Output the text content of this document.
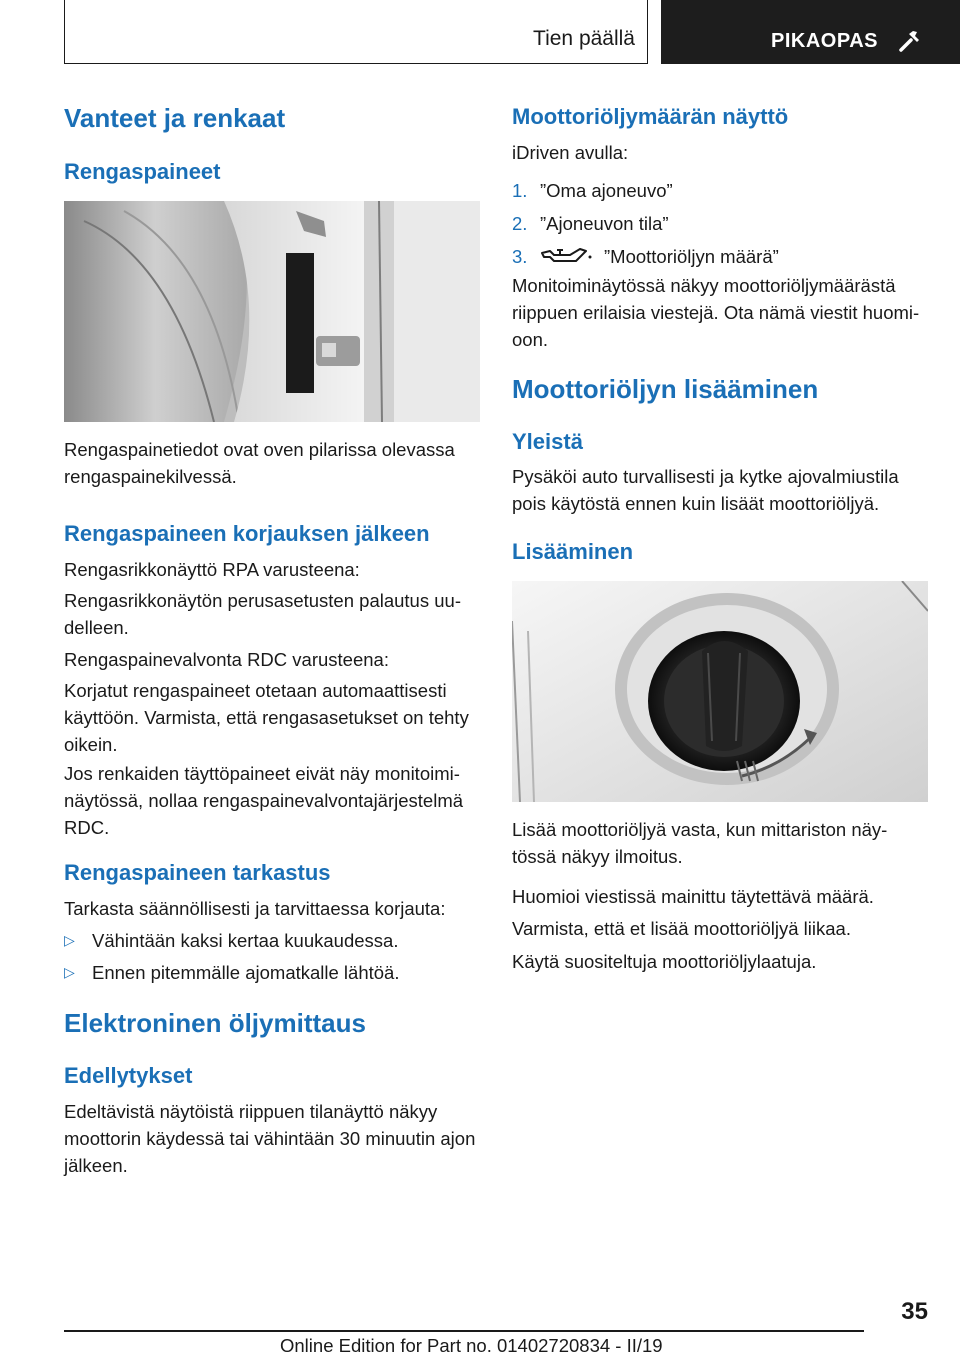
Tien päällä	PIKAOPAS
Vanteet ja renkaat
Rengaspaineet
Rengaspainetiedot ovat oven pilarissa olevassa rengaspainekilvessä.
Rengaspaineen korjauksen jälkeen
Rengasrikkonäyttö RPA varusteena:
Rengasrikkonäytön perusasetusten palautus uu-delleen.
Rengaspainevalvonta RDC varusteena:
Korjatut rengaspaineet otetaan automaattisesti käyttöön. Varmista, että rengasasetukset on tehty oikein.
Jos renkaiden täyttöpaineet eivät näy monitoimi-näytössä, nollaa rengaspainevalvontajärjestelmä RDC.
Rengaspaineen tarkastus
Tarkasta säännöllisesti ja tarvittaessa korjauta:
▷ Vähintään kaksi kertaa kuukaudessa.
▷ Ennen pitemmälle ajomatkalle lähtöä.
Elektroninen öljymittaus
Edellytykset
Edeltävistä näytöistä riippuen tilanäyttö näkyy moottorin käydessä tai vähintään 30 minuutin ajon jälkeen.
Moottoriöljymäärän näyttö
iDriven avulla:
1. ”Oma ajoneuvo”
2. ”Ajoneuvon tila”
3.	”Moottoriöljyn määrä”
Monitoiminäytössä näkyy moottoriöljymäärästä riippuen erilaisia viestejä. Ota nämä viestit huomi-oon.
Moottoriöljyn lisääminen
Yleistä
Pysäköi auto turvallisesti ja kytke ajovalmiustila pois käytöstä ennen kuin lisäät moottoriöljyä.
Lisääminen
Lisää moottoriöljyä vasta, kun mittariston näy-tössä näkyy ilmoitus.
Huomioi viestissä mainittu täytettävä määrä.
Varmista, että et lisää moottoriöljyä liikaa.
Käytä suositeltuja moottoriöljylaatuja.
35
Online Edition for Part no. 01402720834 - II/19
